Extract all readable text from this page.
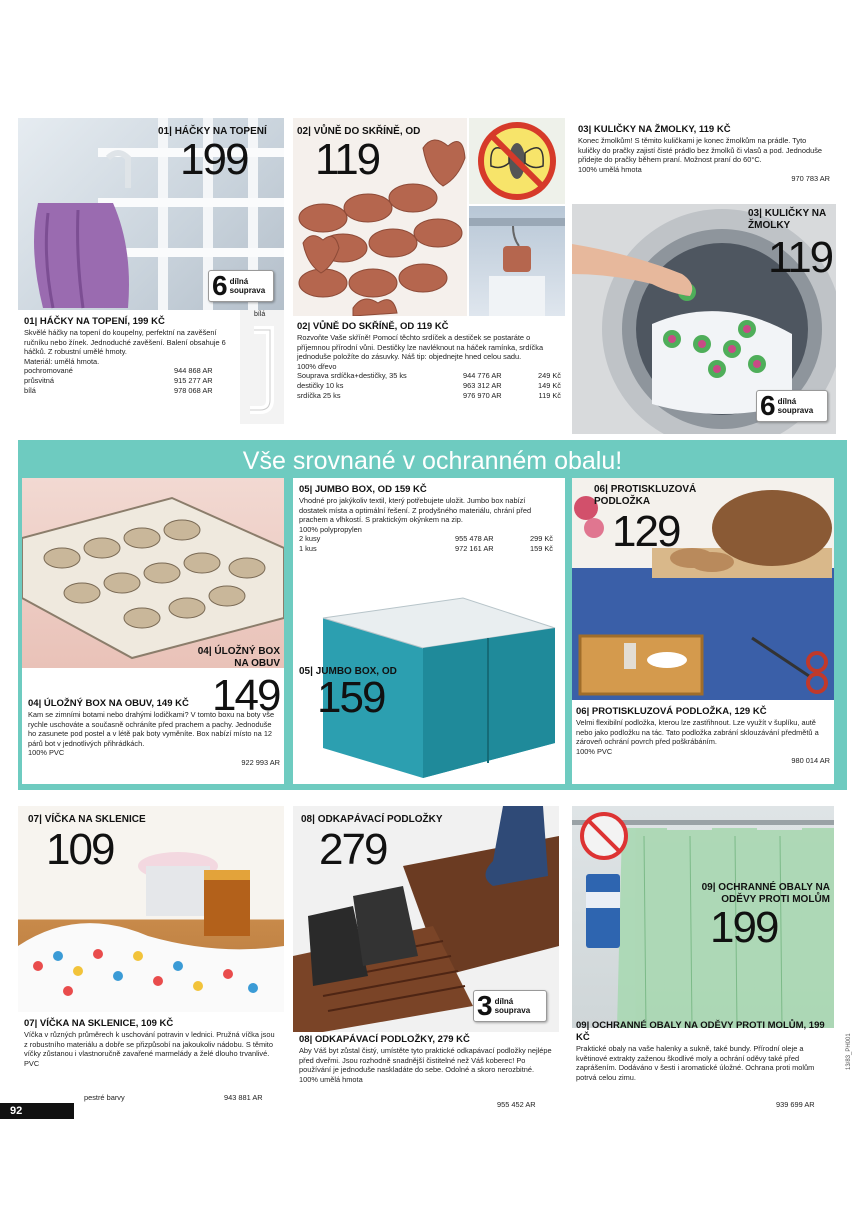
Vše srovnané v ochranném obalu!
01| HÁČKY NA TOPENÍ
199
6 dílná
souprava
bílá
01| HÁČKY NA TOPENÍ, 199 KČ
Skvělé háčky na topení do koupelny, perfektní na zavěšení ručníku nebo žínek. Jednoduché zavěšení. Balení obsahuje 6 háčků. Z robustní umělé hmoty.
Materiál: umělá hmota.
pochromované	944 868 AR
průsvitná	915 277 AR
bílá	978 068 AR
02| VŮNĚ DO SKŘÍNĚ, OD
119
02| VŮNĚ DO SKŘÍNĚ, OD 119 KČ
Rozvoňte Vaše skříně! Pomocí těchto srdíček a destiček se postaráte o příjemnou přírodní vůni. Destičky lze navléknout na háček ramínka, srdíčka jednoduše položíte do zásuvky. Náš tip: objednejte hned celou sadu.
100% dřevo
Souprava srdíčka+destičky, 35 ks	944 776 AR	249 Kč
destičky 10 ks	963 312 AR	149 Kč
srdíčka 25 ks	976 970 AR	119 Kč
03| KULIČKY NA ŽMOLKY, 119 KČ
Konec žmolkům! S těmito kuličkami je konec žmolkům na prádle. Tyto kuličky do pračky zajistí čisté prádlo bez žmolků či vlasů a pod. Jednoduše přidejte do pračky během praní. Možnost praní do 60°C.
100% umělá hmota
970 783 AR
03| KULIČKY NA ŽMOLKY
119
6 dílná
souprava
04| ÚLOŽNÝ BOX NA OBUV
149
04| ÚLOŽNÝ BOX NA OBUV, 149 KČ
Kam se zimními botami nebo drahými lodičkami? V tomto boxu na boty vše rychle uschováte a současně ochráníte před prachem a pachy. Jednoduše ho zasunete pod postel a v létě pak boty vyměníte. Box nabízí místo na 12 párů bot v jednotlivých přihrádkách.
100% PVC
922 993 AR
05| JUMBO BOX, OD 159 KČ
Vhodné pro jakýkoliv textil, který potřebujete uložit. Jumbo box nabízí dostatek místa a optimální řešení. Z prodyšného materiálu, chrání před prachem a vlhkostí. S praktickým okýnkem na zip.
100% polypropylen
2 kusy	955 478 AR	299 Kč
1 kus	972 161 AR	159 Kč
05| JUMBO BOX, OD
159
06| PROTISKLUZOVÁ PODLOŽKA
129
06| PROTISKLUZOVÁ PODLOŽKA, 129 KČ
Velmi flexibilní podložka, kterou lze zastřihnout. Lze využít v šuplíku, autě nebo jako podložku na tác. Tato podložka zabrání sklouzávání předmětů a zároveň ochrání povrch před poškrábáním.
100% PVC
980 014 AR
07| VÍČKA NA SKLENICE
109
07| VÍČKA NA SKLENICE, 109 KČ
Víčka v různých průměrech k uschování potravin v lednici. Pružná víčka jsou z robustního materiálu a dobře se přizpůsobí na jakoukoliv nádobu. S těmito víčky zůstanou i vlastnoručně zavařené marmelády a želé dlouho trvanlivé.
PVC
pestré barvy	943 881 AR
08| ODKAPÁVACÍ PODLOŽKY
279
3 dílná
souprava
08| ODKAPÁVACÍ PODLOŽKY, 279 KČ
Aby Váš byt zůstal čistý, umístěte tyto praktické odkapávací podložky nejlépe před dveřmi. Jsou rozhodně snadnější čistitelné než Váš koberec! Po používání je jednoduše naskladáte do sebe. Odolné a skoro nerozbitné.
100% umělá hmota
955 452 AR
09| OCHRANNÉ OBALY NA ODĚVY PROTI MOLŮM
199
09| OCHRANNÉ OBALY NA ODĚVY PROTI MOLŮM, 199 KČ
Praktické obaly na vaše halenky a sukně, také bundy. Přírodní oleje a květinové extrakty zaženou škodlivé moly a ochrání oděvy také před zaprášením. Dodáváno v šesti i aromatické úložné. Ochrana proti molům potrvá celou zimu.
939 699 AR
92
13/83_PH001
